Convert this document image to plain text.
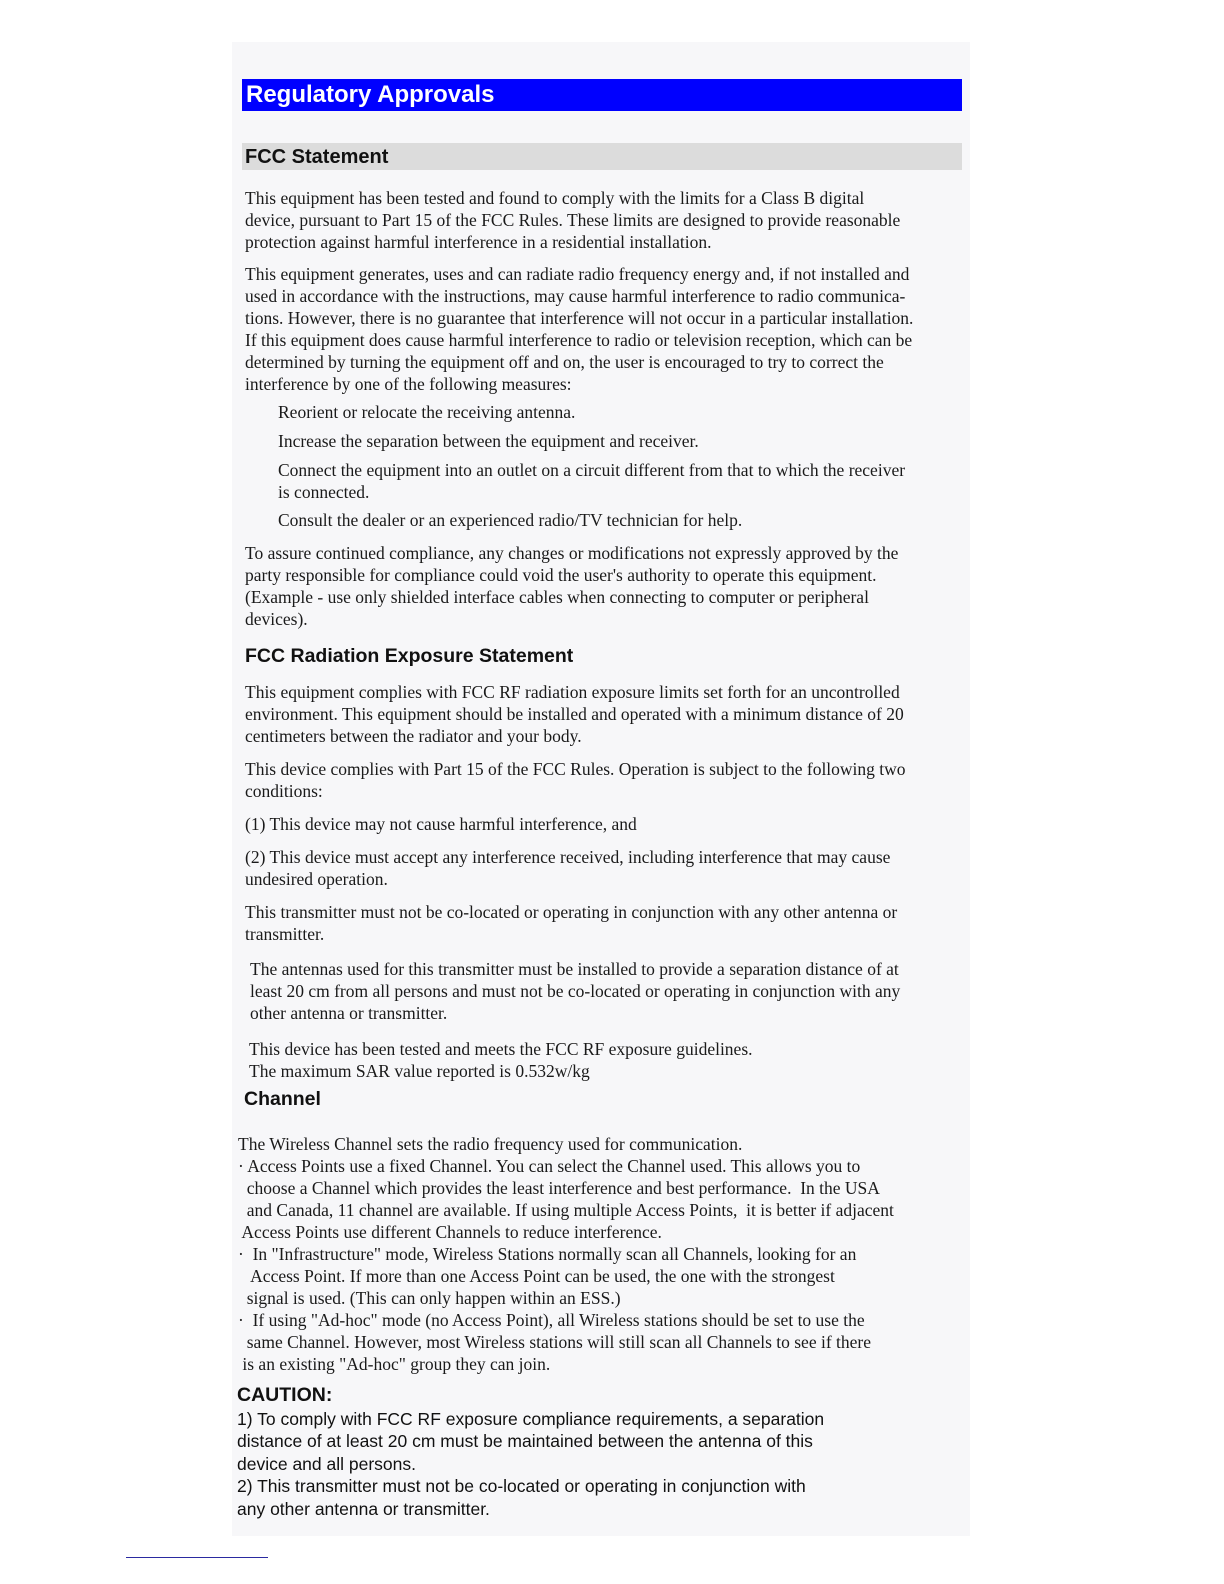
Regulatory Approvals
FCC Statement

This equipment has been tested and found to comply with the limits for a Class B digital
device, pursuant to Part 15 of the FCC Rules. These limits are designed to provide reasonable
protection against harmful interference in a residential installation.

This equipment generates, uses and can radiate radio frequency energy and, if not installed and
used in accordance with the instructions, may cause harmful interference to radio communica-
tions. However, there is no guarantee that interference will not occur in a particular installation.
If this equipment does cause harmful interference to radio or television reception, which can be
determined by turning the equipment off and on, the user is encouraged to try to correct the
interference by one of the following measures:

Reorient or relocate the receiving antenna.

Increase the separation between the equipment and receiver.

Connect the equipment into an outlet on a circuit different from that to which the receiver
is connected.

Consult the dealer or an experienced radio/TV technician for help.

To assure continued compliance, any changes or modifications not expressly approved by the
party responsible for compliance could void the user's authority to operate this equipment.
(Example - use only shielded interface cables when connecting to computer or peripheral
devices).

FCC Radiation Exposure Statement

This equipment complies with FCC RF radiation exposure limits set forth for an uncontrolled
environment. This equipment should be installed and operated with a minimum distance of 20
centimeters between the radiator and your body.

This device complies with Part 15 of the FCC Rules. Operation is subject to the following two
conditions:

(1) This device may not cause harmful interference, and

(2) This device must accept any interference received, including interference that may cause
undesired operation.

This transmitter must not be co-located or operating in conjunction with any other antenna or
transmitter.

The antennas used for this transmitter must be installed to provide a separation distance of at
least 20 cm from all persons and must not be co-located or operating in conjunction with any
other antenna or transmitter.

This device has been tested and meets the FCC RF exposure guidelines.
The maximum SAR value reported is 0.532w/kg

Channel

The Wireless Channel sets the radio frequency used for communication.
· Access Points use a fixed Channel. You can select the Channel used. This allows you to
choose a Channel which provides the least interference and best performance.  In the USA
and Canada, 11 channel are available. If using multiple Access Points,  it is better if adjacent
Access Points use different Channels to reduce interference.
·  In "Infrastructure" mode, Wireless Stations normally scan all Channels, looking for an
Access Point. If more than one Access Point can be used, the one with the strongest
signal is used. (This can only happen within an ESS.)
·  If using "Ad-hoc" mode (no Access Point), all Wireless stations should be set to use the
same Channel. However, most Wireless stations will still scan all Channels to see if there
is an existing "Ad-hoc" group they can join.

CAUTION:
1) To comply with FCC RF exposure compliance requirements, a separation
distance of at least 20 cm must be maintained between the antenna of this
device and all persons.
2) This transmitter must not be co-located or operating in conjunction with
any other antenna or transmitter.
